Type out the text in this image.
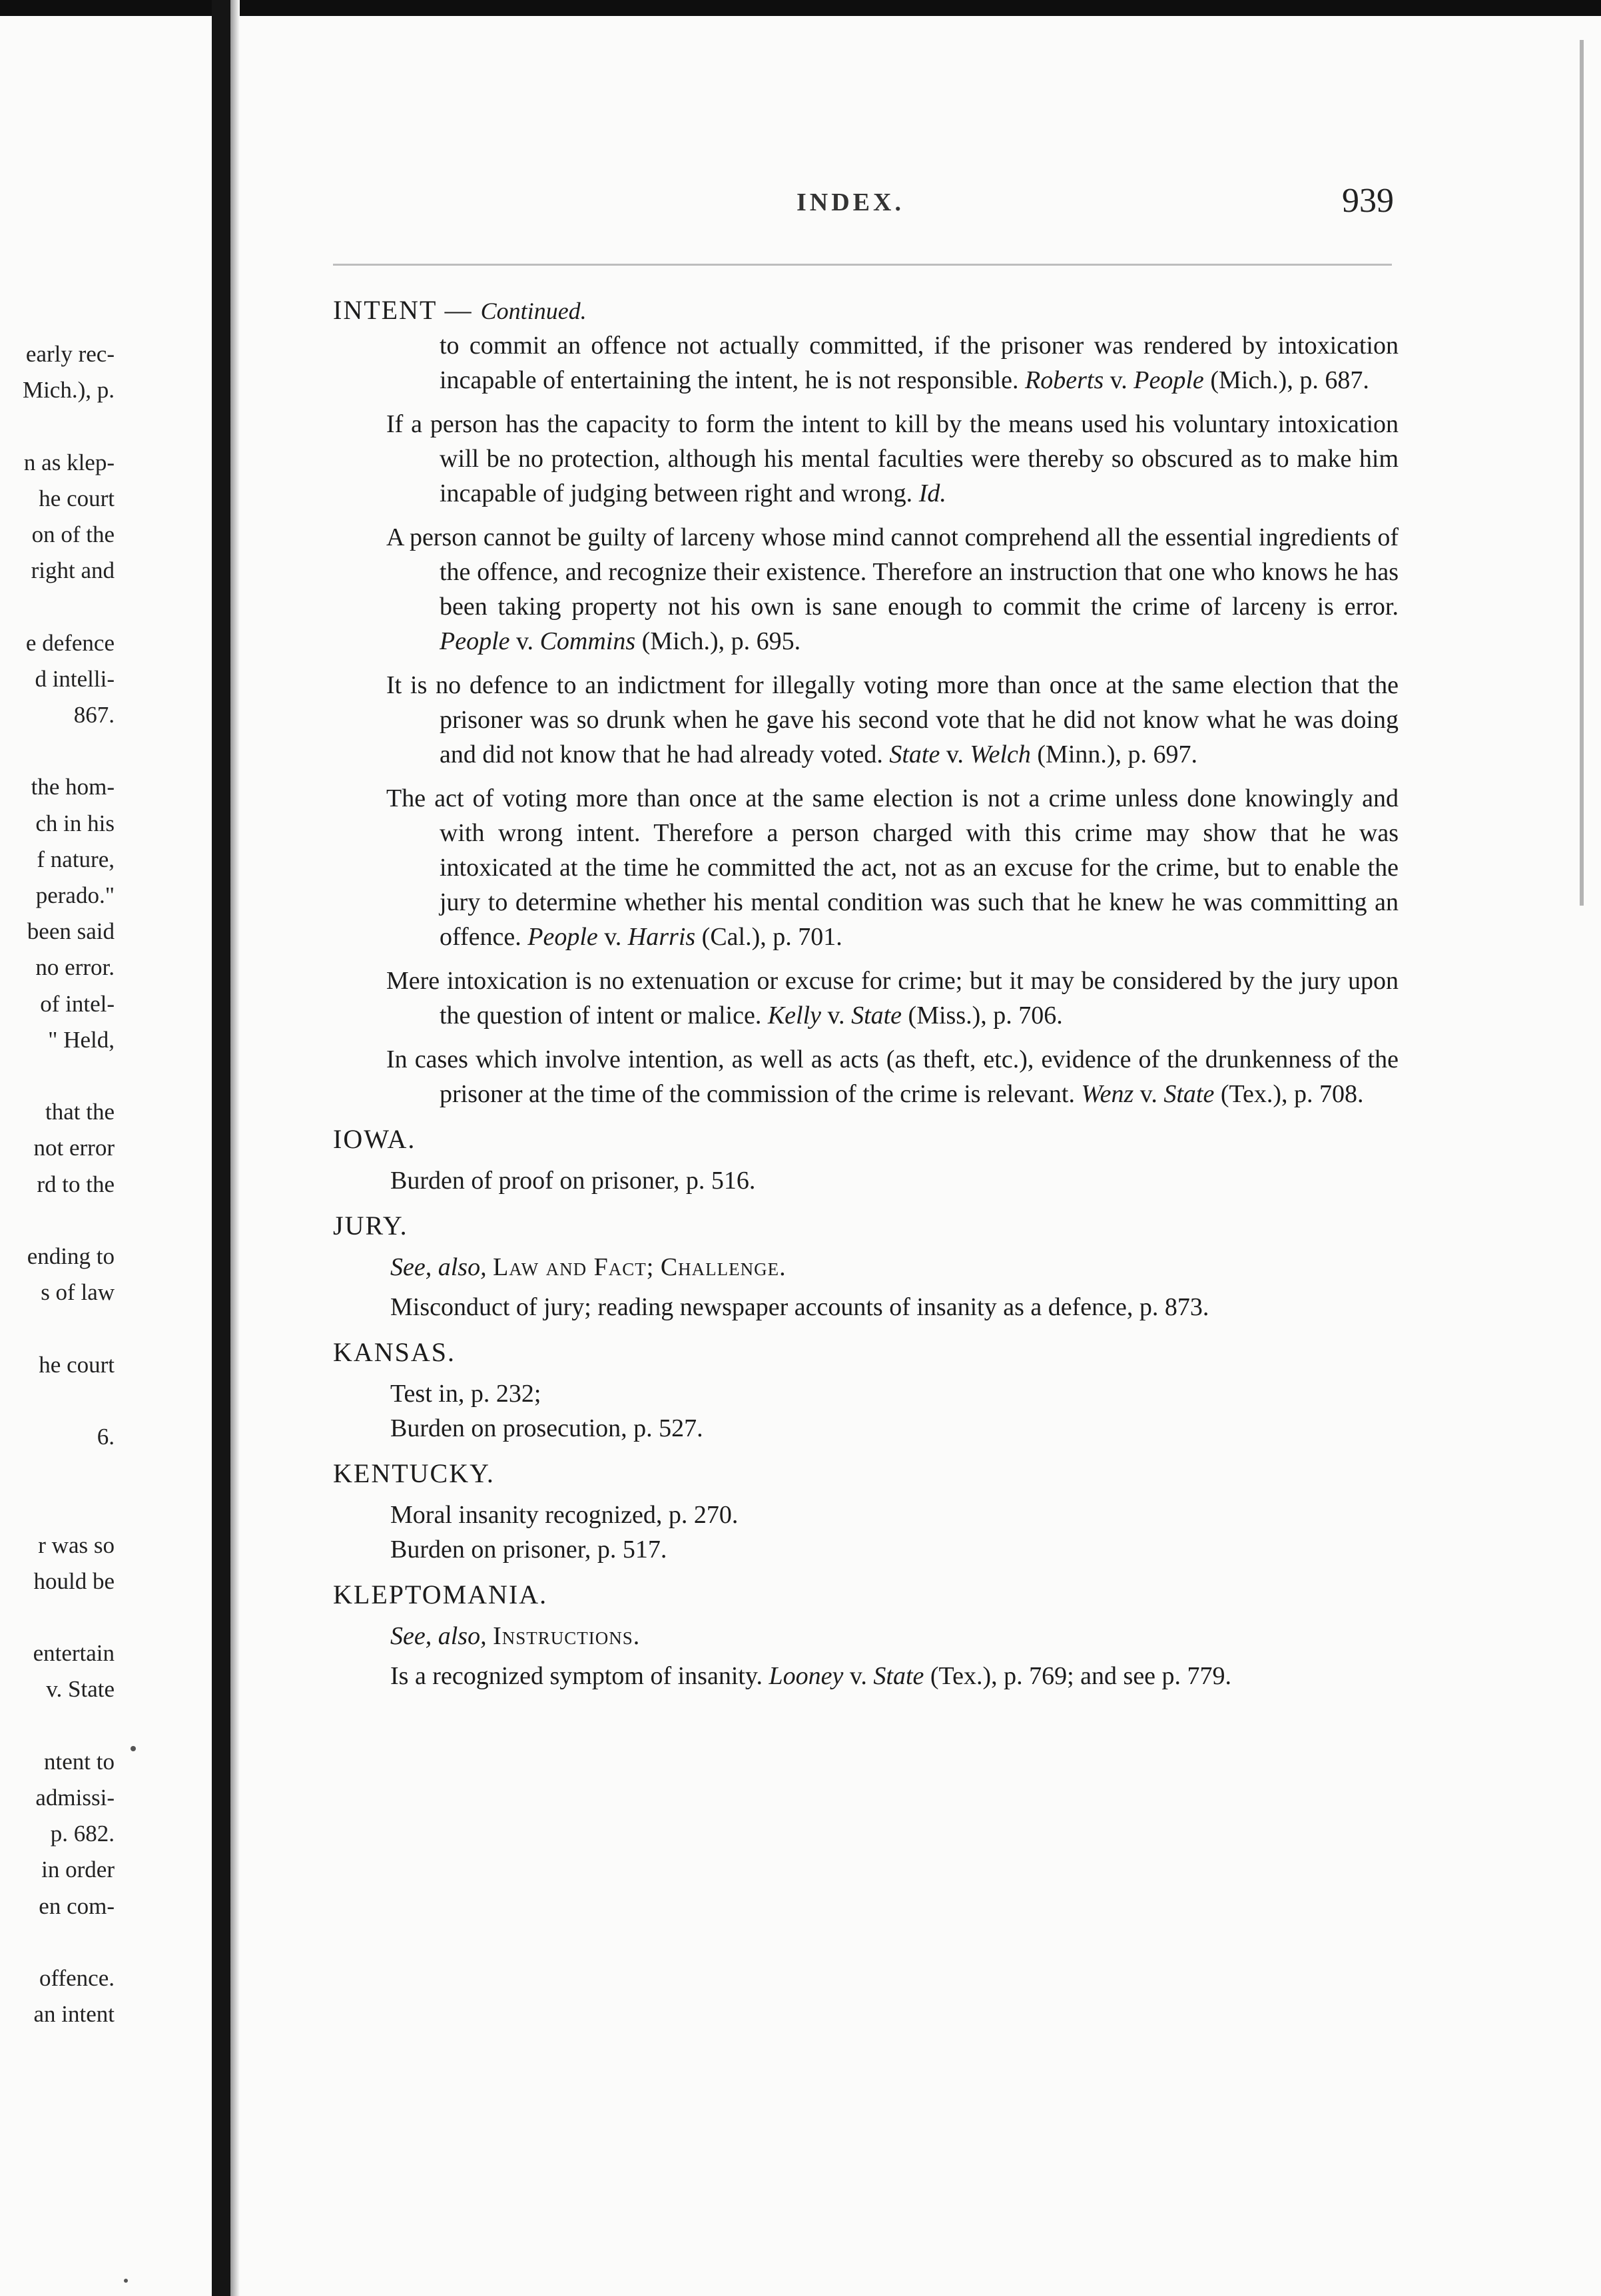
early rec-
Mich.), p.
n as klep-
he court
on of the
right and
e defence
d intelli-
867.
the hom-
ch in his
f nature,
perado."
been said
no error.
of intel-
" Held,
that the
not error
rd to the
ending to
s of law
he court
6.
r was so
hould be
entertain
v. State
ntent to
admissi-
p. 682.
in order
en com-
offence.
an intent
INDEX.	939
INTENT — Continued.
to commit an offence not actually committed, if the prisoner was rendered by intoxication incapable of entertaining the intent, he is not responsible. Roberts v. People (Mich.), p. 687.
If a person has the capacity to form the intent to kill by the means used his voluntary intoxication will be no protection, although his mental faculties were thereby so obscured as to make him incapable of judging between right and wrong. Id.
A person cannot be guilty of larceny whose mind cannot comprehend all the essential ingredients of the offence, and recognize their existence. Therefore an instruction that one who knows he has been taking property not his own is sane enough to commit the crime of larceny is error. People v. Commins (Mich.), p. 695.
It is no defence to an indictment for illegally voting more than once at the same election that the prisoner was so drunk when he gave his second vote that he did not know what he was doing and did not know that he had already voted. State v. Welch (Minn.), p. 697.
The act of voting more than once at the same election is not a crime unless done knowingly and with wrong intent. Therefore a person charged with this crime may show that he was intoxicated at the time he committed the act, not as an excuse for the crime, but to enable the jury to determine whether his mental condition was such that he knew he was committing an offence. People v. Harris (Cal.), p. 701.
Mere intoxication is no extenuation or excuse for crime; but it may be considered by the jury upon the question of intent or malice. Kelly v. State (Miss.), p. 706.
In cases which involve intention, as well as acts (as theft, etc.), evidence of the drunkenness of the prisoner at the time of the commission of the crime is relevant. Wenz v. State (Tex.), p. 708.
IOWA.
Burden of proof on prisoner, p. 516.
JURY.
See, also, Law and Fact; Challenge.
Misconduct of jury; reading newspaper accounts of insanity as a defence, p. 873.
KANSAS.
Test in, p. 232;
Burden on prosecution, p. 527.
KENTUCKY.
Moral insanity recognized, p. 270.
Burden on prisoner, p. 517.
KLEPTOMANIA.
See, also, Instructions.
Is a recognized symptom of insanity. Looney v. State (Tex.), p. 769; and see p. 779.
